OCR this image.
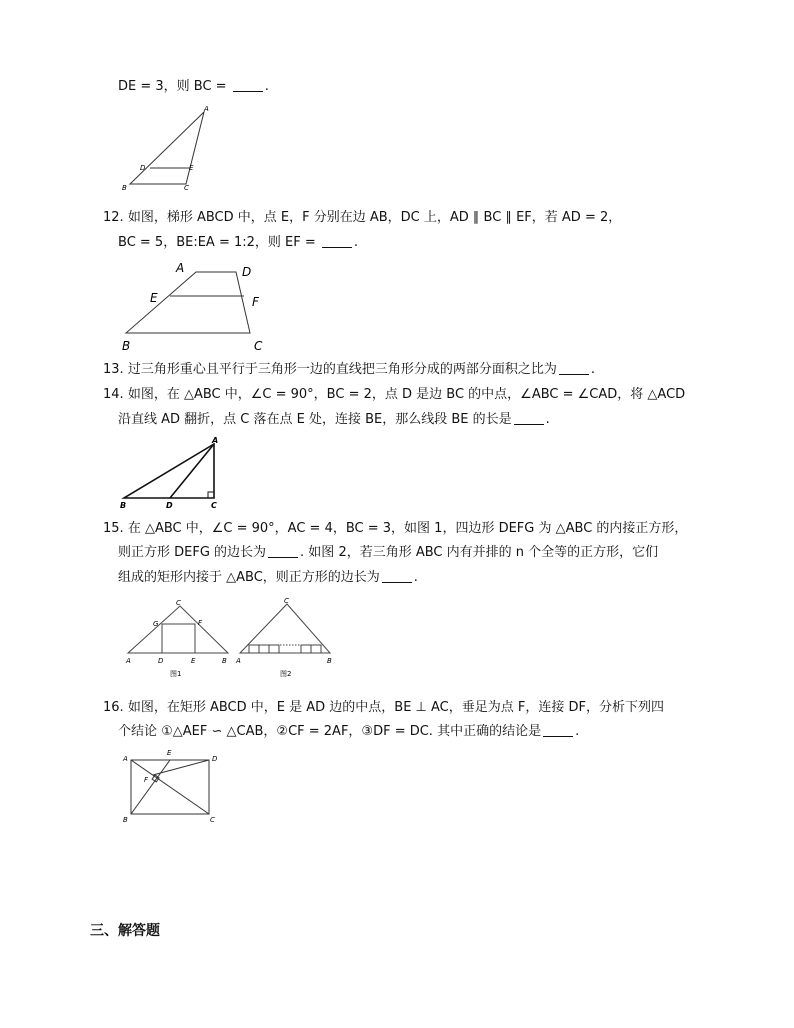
DE = 3，则 BC =	.
A
D	E
B	C
12. 如图，梯形 ABCD 中，点 E，F 分别在边 AB，DC 上，AD ∥ BC ∥ EF，若 AD = 2，
BC = 5，BE:EA = 1:2，则 EF =	.
A	D
E	F
B	C
13. 过三角形重心且平行于三角形一边的直线把三角形分成的两部分面积之比为	.
14. 如图，在 △ABC 中，∠C = 90°，BC = 2，点 D 是边 BC 的中点，∠ABC = ∠CAD，将 △ACD
沿直线 AD 翻折，点 C 落在点 E 处，连接 BE，那么线段 BE 的长是	.
A
B	D	C
15. 在 △ABC 中，∠C = 90°，AC = 4，BC = 3，如图 1，四边形 DEFG 为 △ABC 的内接正方形，
则正方形 DEFG 的边长为	. 如图 2，若三角形 ABC 内有并排的 n 个全等的正方形，它们
组成的矩形内接于 △ABC，则正方形的边长为	.
C
G	F
A	D	E	B
图1
C
A	B
图2
16. 如图，在矩形 ABCD 中，E 是 AD 边的中点，BE ⊥ AC，垂足为点 F，连接 DF，分析下列四
个结论 ①△AEF ∽ △CAB，②CF = 2AF，③DF = DC. 其中正确的结论是	.
A
E
D
F
B	C
三、解答题
